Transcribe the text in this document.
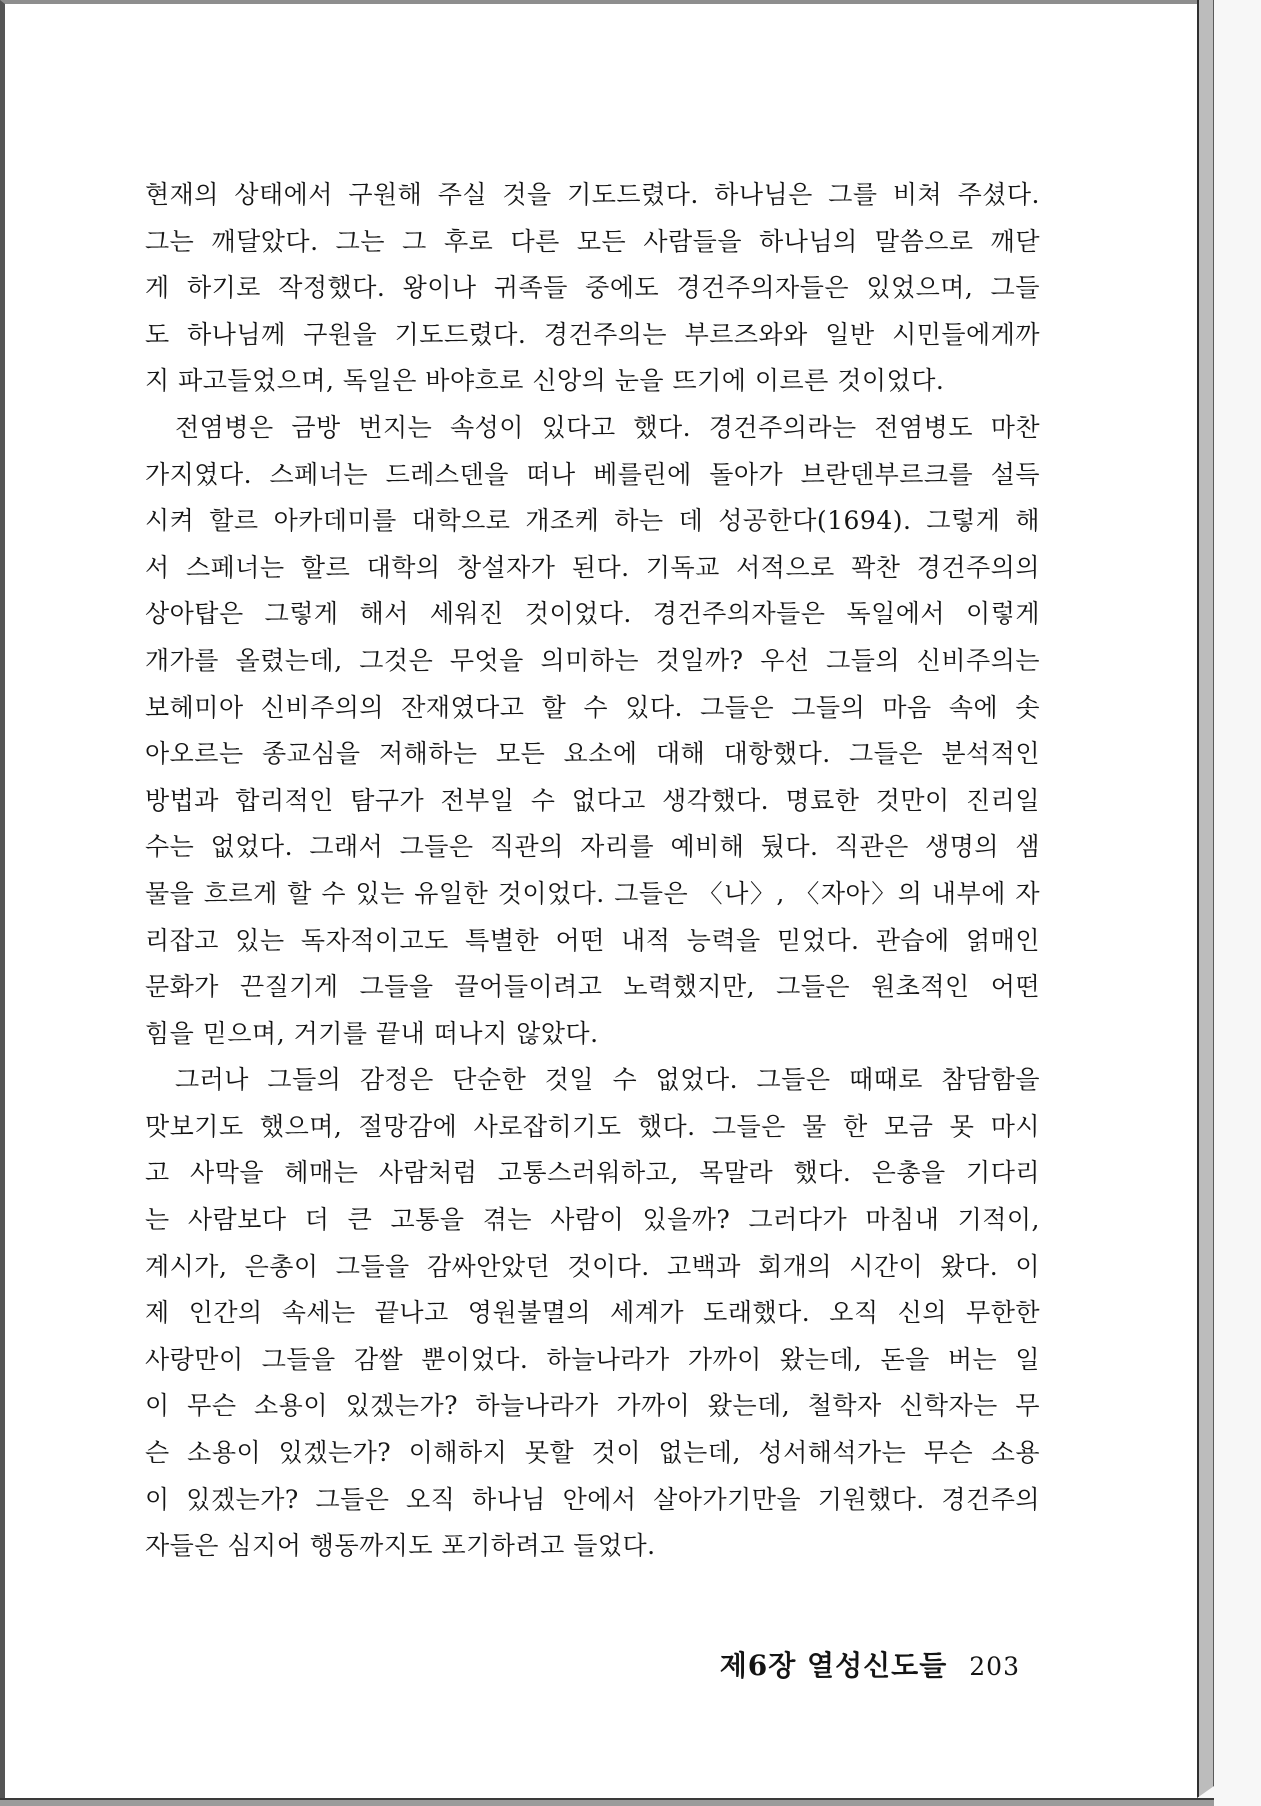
현재의 상태에서 구원해 주실 것을 기도드렸다. 하나님은 그를 비쳐 주셨다.
그는 깨달았다. 그는 그 후로 다른 모든 사람들을 하나님의 말씀으로 깨닫
게 하기로 작정했다. 왕이나 귀족들 중에도 경건주의자들은 있었으며, 그들
도 하나님께 구원을 기도드렸다. 경건주의는 부르즈와와 일반 시민들에게까
지 파고들었으며, 독일은 바야흐로 신앙의 눈을 뜨기에 이르른 것이었다.
전염병은 금방 번지는 속성이 있다고 했다. 경건주의라는 전염병도 마찬
가지였다. 스페너는 드레스덴을 떠나 베를린에 돌아가 브란덴부르크를 설득
시켜 할르 아카데미를 대학으로 개조케 하는 데 성공한다(1694). 그렇게 해
서 스페너는 할르 대학의 창설자가 된다. 기독교 서적으로 꽉찬 경건주의의
상아탑은 그렇게 해서 세워진 것이었다. 경건주의자들은 독일에서 이렇게
개가를 올렸는데, 그것은 무엇을 의미하는 것일까? 우선 그들의 신비주의는
보헤미아 신비주의의 잔재였다고 할 수 있다. 그들은 그들의 마음 속에 솟
아오르는 종교심을 저해하는 모든 요소에 대해 대항했다. 그들은 분석적인
방법과 합리적인 탐구가 전부일 수 없다고 생각했다. 명료한 것만이 진리일
수는 없었다. 그래서 그들은 직관의 자리를 예비해 뒀다. 직관은 생명의 샘
물을 흐르게 할 수 있는 유일한 것이었다. 그들은 〈나〉, 〈자아〉의 내부에 자
리잡고 있는 독자적이고도 특별한 어떤 내적 능력을 믿었다. 관습에 얽매인
문화가 끈질기게 그들을 끌어들이려고 노력했지만, 그들은 원초적인 어떤
힘을 믿으며, 거기를 끝내 떠나지 않았다.
그러나 그들의 감정은 단순한 것일 수 없었다. 그들은 때때로 참담함을
맛보기도 했으며, 절망감에 사로잡히기도 했다. 그들은 물 한 모금 못 마시
고 사막을 헤매는 사람처럼 고통스러워하고, 목말라 했다. 은총을 기다리
는 사람보다 더 큰 고통을 겪는 사람이 있을까? 그러다가 마침내 기적이,
계시가, 은총이 그들을 감싸안았던 것이다. 고백과 회개의 시간이 왔다. 이
제 인간의 속세는 끝나고 영원불멸의 세계가 도래했다. 오직 신의 무한한
사랑만이 그들을 감쌀 뿐이었다. 하늘나라가 가까이 왔는데, 돈을 버는 일
이 무슨 소용이 있겠는가? 하늘나라가 가까이 왔는데, 철학자 신학자는 무
슨 소용이 있겠는가? 이해하지 못할 것이 없는데, 성서해석가는 무슨 소용
이 있겠는가? 그들은 오직 하나님 안에서 살아가기만을 기원했다. 경건주의
자들은 심지어 행동까지도 포기하려고 들었다.
제6장 열성신도들 203
